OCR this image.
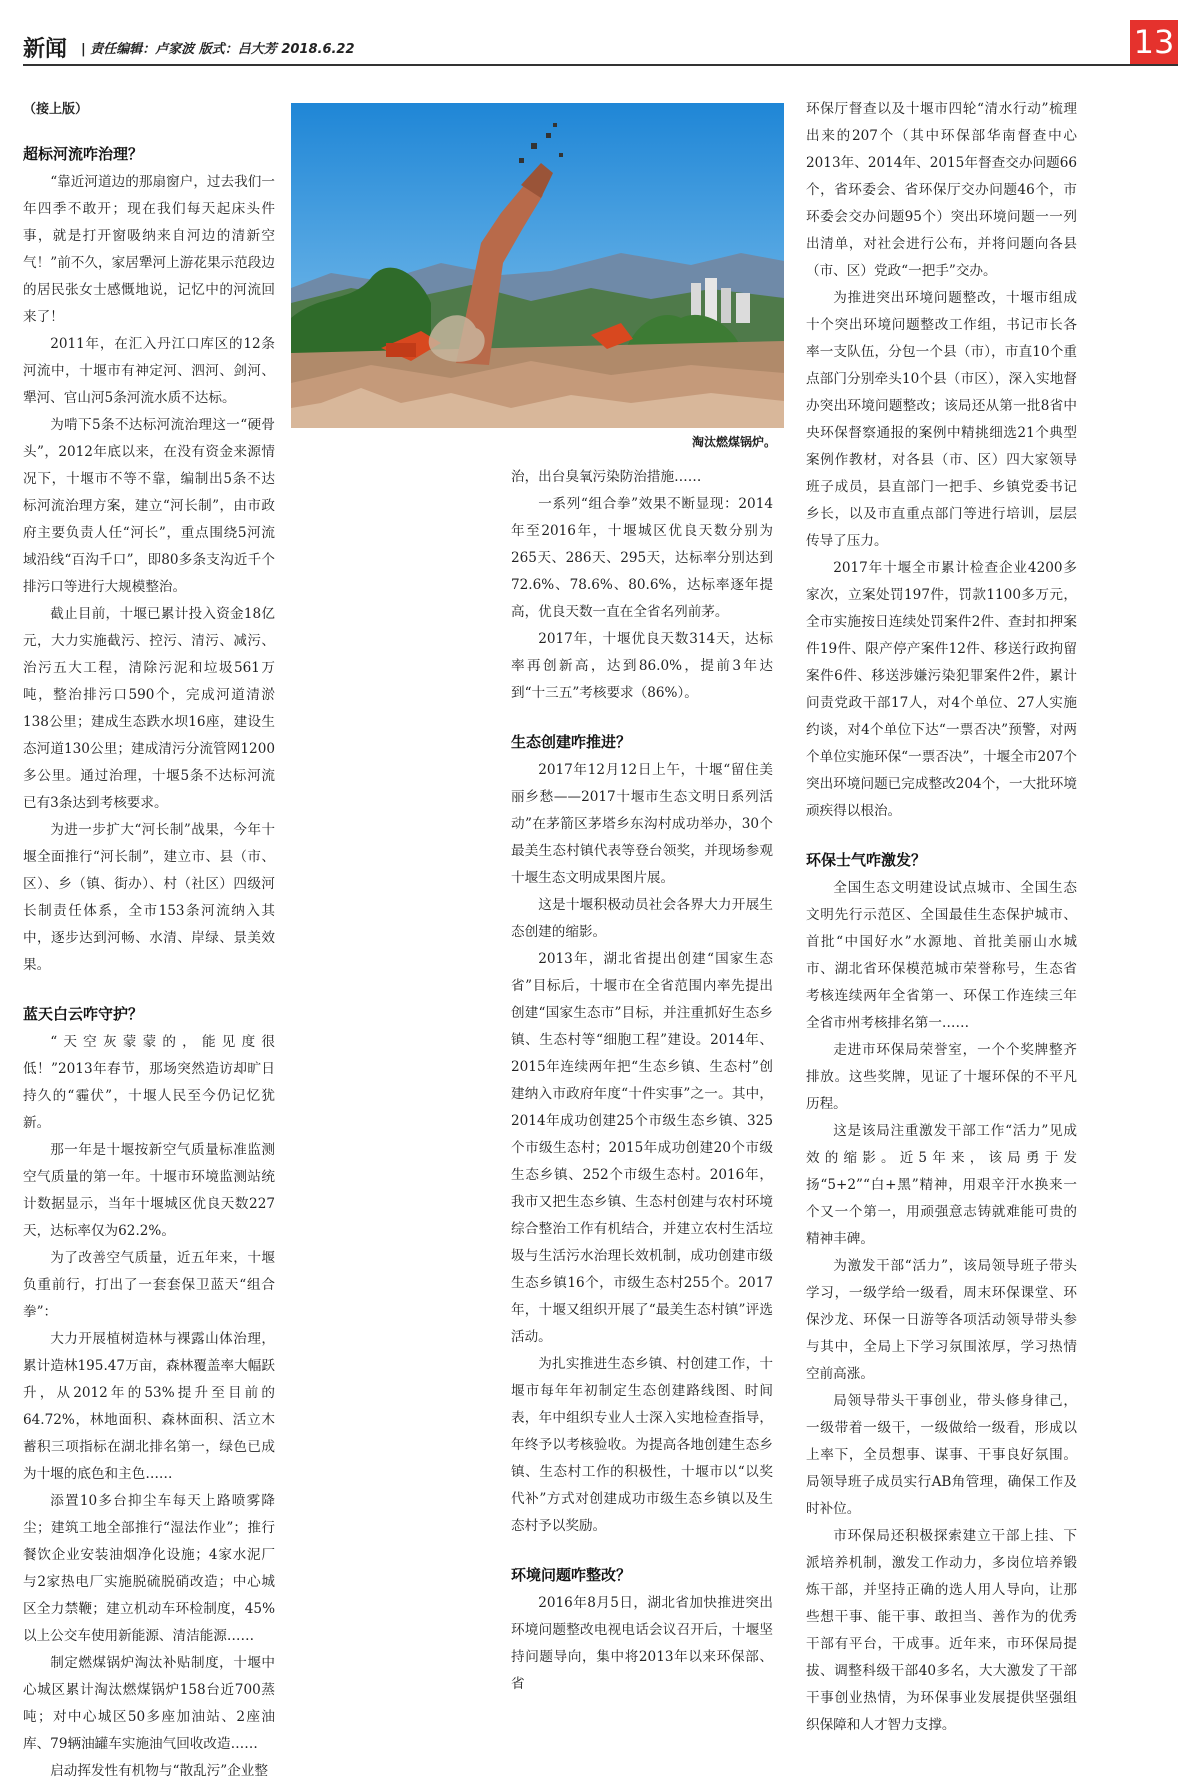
新闻 | 责任编辑：卢家波 版式：吕大芳 2018.6.22	13
（接上版）
超标河流咋治理？

“靠近河道边的那扇窗户，过去我们一年四季不敢开；现在我们每天起床头件事，就是打开窗吸纳来自河边的清新空气！”前不久，家居犟河上游花果示范段边的居民张女士感慨地说，记忆中的河流回来了！

2011年，在汇入丹江口库区的12条河流中，十堰市有神定河、泗河、剑河、犟河、官山河5条河流水质不达标。

为啃下5条不达标河流治理这一“硬骨头”，2012年底以来，在没有资金来源情况下，十堰市不等不靠，编制出5条不达标河流治理方案，建立“河长制”，由市政府主要负责人任“河长”，重点围绕5河流域沿线“百沟千口”，即80多条支沟近千个排污口等进行大规模整治。

截止目前，十堰已累计投入资金18亿元，大力实施截污、控污、清污、减污、治污五大工程，清除污泥和垃圾561万吨，整治排污口590个，完成河道清淤138公里；建成生态跌水坝16座，建设生态河道130公里；建成清污分流管网1200多公里。通过治理，十堰5条不达标河流已有3条达到考核要求。

为进一步扩大“河长制”战果，今年十堰全面推行“河长制”，建立市、县（市、区）、乡（镇、街办）、村（社区）四级河长制责任体系，全市153条河流纳入其中，逐步达到河畅、水清、岸绿、景美效果。

蓝天白云咋守护？

“天空灰蒙蒙的，能见度很低！”2013年春节，那场突然造访却旷日持久的“霾伏”，十堰人民至今仍记忆犹新。

那一年是十堰按新空气质量标准监测空气质量的第一年。十堰市环境监测站统计数据显示，当年十堰城区优良天数227天，达标率仅为62.2%。

为了改善空气质量，近五年来，十堰负重前行，打出了一套套保卫蓝天“组合拳”：

大力开展植树造林与裸露山体治理，累计造林195.47万亩，森林覆盖率大幅跃升，从2012年的53%提升至目前的64.72%，林地面积、森林面积、活立木蓄积三项指标在湖北排名第一，绿色已成为十堰的底色和主色……

添置10多台抑尘车每天上路喷雾降尘；建筑工地全部推行“湿法作业”；推行餐饮企业安装油烟净化设施；4家水泥厂与2家热电厂实施脱硫脱硝改造；中心城区全力禁鞭；建立机动车环检制度，45%以上公交车使用新能源、清洁能源……

制定燃煤锅炉淘汰补贴制度，十堰中心城区累计淘汰燃煤锅炉158台近700蒸吨；对中心城区50多座加油站、2座油库、79辆油罐车实施油气回收改造……

启动挥发性有机物与“散乱污”企业整

淘汰燃煤锅炉。

治，出台臭氧污染防治措施……

一系列“组合拳”效果不断显现：2014年至2016年，十堰城区优良天数分别为265天、286天、295天，达标率分别达到72.6%、78.6%、80.6%，达标率逐年提高，优良天数一直在全省名列前茅。

2017年，十堰优良天数314天，达标率再创新高，达到86.0%，提前3年达到“十三五”考核要求（86%）。

生态创建咋推进？

2017年12月12日上午，十堰“留住美丽乡愁——2017十堰市生态文明日系列活动”在茅箭区茅塔乡东沟村成功举办，30个最美生态村镇代表等登台领奖，并现场参观十堰生态文明成果图片展。

这是十堰积极动员社会各界大力开展生态创建的缩影。

2013年，湖北省提出创建“国家生态省”目标后，十堰市在全省范围内率先提出创建“国家生态市”目标，并注重抓好生态乡镇、生态村等“细胞工程”建设。2014年、2015年连续两年把“生态乡镇、生态村”创建纳入市政府年度“十件实事”之一。其中，2014年成功创建25个市级生态乡镇、325个市级生态村；2015年成功创建20个市级生态乡镇、252个市级生态村。2016年，我市又把生态乡镇、生态村创建与农村环境综合整治工作有机结合，并建立农村生活垃圾与生活污水治理长效机制，成功创建市级生态乡镇16个，市级生态村255个。2017年，十堰又组织开展了“最美生态村镇”评选活动。

为扎实推进生态乡镇、村创建工作，十堰市每年年初制定生态创建路线图、时间表，年中组织专业人士深入实地检查指导，年终予以考核验收。为提高各地创建生态乡镇、生态村工作的积极性，十堰市以“以奖代补”方式对创建成功市级生态乡镇以及生态村予以奖励。

环境问题咋整改？

2016年8月5日，湖北省加快推进突出环境问题整改电视电话会议召开后，十堰坚持问题导向，集中将2013年以来环保部、省

环保厅督查以及十堰市四轮“清水行动”梳理出来的207个（其中环保部华南督查中心2013年、2014年、2015年督查交办问题66个，省环委会、省环保厅交办问题46个，市环委会交办问题95个）突出环境问题一一列出清单，对社会进行公布，并将问题向各县（市、区）党政“一把手”交办。

为推进突出环境问题整改，十堰市组成十个突出环境问题整改工作组，书记市长各率一支队伍，分包一个县（市），市直10个重点部门分别牵头10个县（市区），深入实地督办突出环境问题整改；该局还从第一批8省中央环保督察通报的案例中精挑细选21个典型案例作教材，对各县（市、区）四大家领导班子成员，县直部门一把手、乡镇党委书记乡长，以及市直重点部门等进行培训，层层传导了压力。

2017年十堰全市累计检查企业4200多家次，立案处罚197件，罚款1100多万元，全市实施按日连续处罚案件2件、查封扣押案件19件、限产停产案件12件、移送行政拘留案件6件、移送涉嫌污染犯罪案件2件，累计问责党政干部17人，对4个单位、27人实施约谈，对4个单位下达“一票否决”预警，对两个单位实施环保“一票否决”，十堰全市207个突出环境问题已完成整改204个，一大批环境顽疾得以根治。

环保士气咋激发？

全国生态文明建设试点城市、全国生态文明先行示范区、全国最佳生态保护城市、首批“中国好水”水源地、首批美丽山水城市、湖北省环保模范城市荣誉称号，生态省考核连续两年全省第一、环保工作连续三年全省市州考核排名第一……

走进市环保局荣誉室，一个个奖牌整齐排放。这些奖牌，见证了十堰环保的不平凡历程。

这是该局注重激发干部工作“活力”见成效的缩影。近5年来，该局勇于发扬“5+2”“白+黑”精神，用艰辛汗水换来一个又一个第一，用顽强意志铸就难能可贵的精神丰碑。

为激发干部“活力”，该局领导班子带头学习，一级学给一级看，周末环保课堂、环保沙龙、环保一日游等各项活动领导带头参与其中，全局上下学习氛围浓厚，学习热情空前高涨。

局领导带头干事创业，带头修身律己，一级带着一级干，一级做给一级看，形成以上率下，全员想事、谋事、干事良好氛围。局领导班子成员实行AB角管理，确保工作及时补位。

市环保局还积极探索建立干部上挂、下派培养机制，激发工作动力，多岗位培养锻炼干部，并坚持正确的选人用人导向，让那些想干事、能干事、敢担当、善作为的优秀干部有平台，干成事。近年来，市环保局提拔、调整科级干部40多名，大大激发了干部干事创业热情，为环保事业发展提供坚强组织保障和人才智力支撑。
